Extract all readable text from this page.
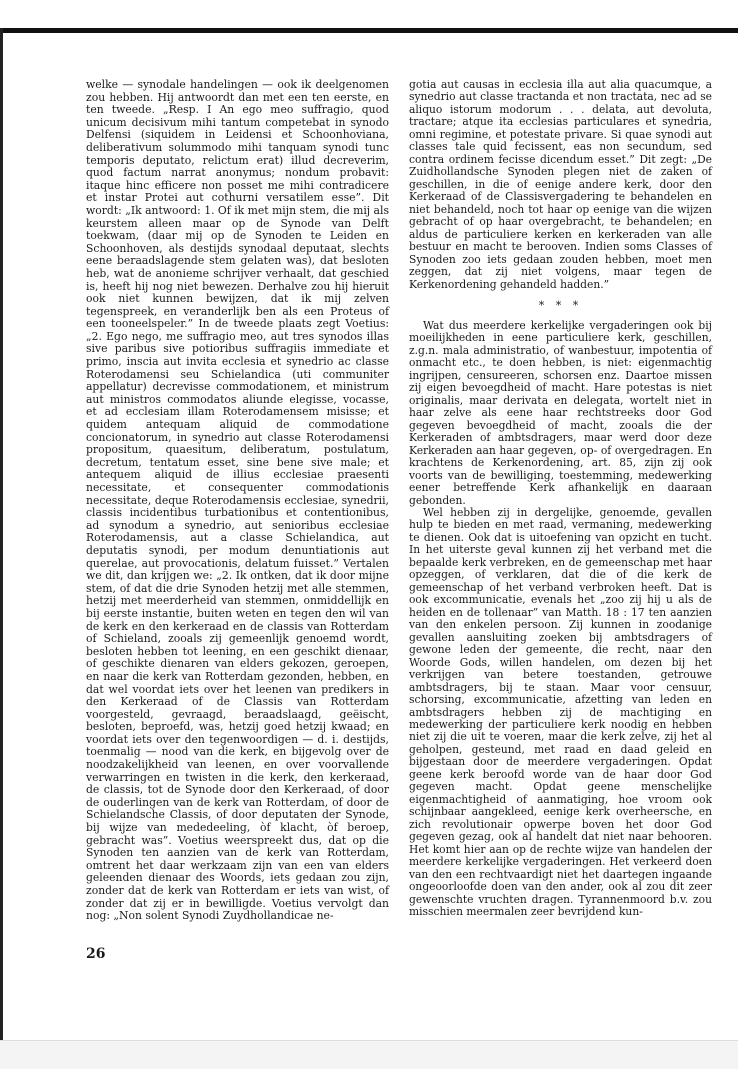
welke — synodale handelingen — ook ik deelgenomen zou hebben. Hij antwoordt dan met een ten eerste, en ten tweede. „Resp. I An ego meo suffragio, quod unicum decisivum mihi tantum competebat in synodo Delfensi (siquidem in Leidensi et Schoonhoviana, deliberativum solummodo mihi tanquam synodi tunc temporis deputato, relictum erat) illud decreverim, quod factum narrat anonymus; nondum probavit: itaque hinc efficere non posset me mihi contradicere et instar Protei aut cothurni versatilem esse”. Dit wordt: „Ik antwoord: 1. Of ik met mijn stem, die mij als keurstem alleen maar op de Synode van Delft toekwam, (daar mij op de Synoden te Leiden en Schoonhoven, als destijds synodaal deputaat, slechts eene beraadslagende stem gelaten was), dat besloten heb, wat de anonieme schrijver verhaalt, dat geschied is, heeft hij nog niet bewezen. Derhalve zou hij hieruit ook niet kunnen bewijzen, dat ik mij zelven tegenspreek, en veranderlijk ben als een Proteus of een tooneelspeler.” In de tweede plaats zegt Voetius: „2. Ego nego, me suffragio meo, aut tres synodos illas sive paribus sive potioribus suffragiis immediate et primo, inscia aut invita ecclesia et synedrio ac classe Roterodamensi seu Schielandica (uti communiter appellatur) decrevisse commodationem, et ministrum aut ministros commodatos aliunde elegisse, vocasse, et ad ecclesiam illam Roterodamensem misisse; et quidem antequam aliquid de commodatione concionatorum, in synedrio aut classe Roterodamensi propositum, quaesitum, deliberatum, postulatum, decretum, tentatum esset, sine bene sive male; et antequem aliquid de illius ecclesiae praesenti necessitate, et consequenter commodationis necessitate, deque Roterodamensis ecclesiae, synedrii, classis incidentibus turbationibus et contentionibus, ad synodum a synedrio, aut senioribus ecclesiae Roterodamensis, aut a classe Schielandica, aut deputatis synodi, per modum denuntiationis aut querelae, aut provocationis, delatum fuisset.” Vertalen we dit, dan krijgen we: „2. Ik ontken, dat ik door mijne stem, of dat die drie Synoden hetzij met alle stemmen, hetzij met meerderheid van stemmen, onmiddellijk en bij eerste instantie, buiten weten en tegen den wil van de kerk en den kerkeraad en de classis van Rotterdam of Schieland, zooals zij gemeenlijk genoemd wordt, besloten hebben tot leening, en een geschikt dienaar, of geschikte dienaren van elders gekozen, geroepen, en naar die kerk van Rotterdam gezonden, hebben, en dat wel voordat iets over het leenen van predikers in den Kerkeraad of de Classis van Rotterdam voorgesteld, gevraagd, beraadslaagd, geëischt, besloten, beproefd, was, hetzij goed hetzij kwaad; en voordat iets over den tegenwoordigen — d. i. destijds, toenmalig — nood van die kerk, en bijgevolg over de noodzakelijkheid van leenen, en over voorvallende verwarringen en twisten in die kerk, den kerkeraad, de classis, tot de Synode door den Kerkeraad, of door de ouderlingen van de kerk van Rotterdam, of door de Schielandsche Classis, of door deputaten der Synode, bij wijze van mededeeling, òf klacht, òf beroep, gebracht was”. Voetius weerspreekt dus, dat op die Synoden ten aanzien van de kerk van Rotterdam, omtrent het daar werkzaam zijn van een van elders geleenden dienaar des Woords, iets gedaan zou zijn, zonder dat de kerk van Rotterdam er iets van wist, of zonder dat zij er in bewilligde. Voetius vervolgt dan nog: „Non solent Synodi Zuydhollandicae ne-

gotia aut causas in ecclesia illa aut alia quacumque, a synedrio aut classe tractanda et non tractata, nec ad se aliquo istorum modorum . . . delata, aut devoluta, tractare; atque ita ecclesias particulares et synedria, omni regimine, et potestate privare. Si quae synodi aut classes tale quid fecissent, eas non secundum, sed contra ordinem fecisse dicendum esset.” Dit zegt: „De Zuidhollandsche Synoden plegen niet de zaken of geschillen, in die of eenige andere kerk, door den Kerkeraad of de Classisvergadering te behandelen en niet behandeld, noch tot haar op eenige van die wijzen gebracht of op haar overgebracht, te behandelen; en aldus de particuliere kerken en kerkeraden van alle bestuur en macht te berooven. Indien soms Classes of Synoden zoo iets gedaan zouden hebben, moet men zeggen, dat zij niet volgens, maar tegen de Kerkenordening gehandeld hadden.”

* * *

Wat dus meerdere kerkelijke vergaderingen ook bij moeilijkheden in eene particuliere kerk, geschillen, z.g.n. mala administratio, of wanbestuur, impotentia of onmacht etc., te doen hebben, is niet: eigenmachtig ingrijpen, censureeren, schorsen enz. Daartoe missen zij eigen bevoegdheid of macht. Hare potestas is niet originalis, maar derivata en delegata, wortelt niet in haar zelve als eene haar rechtstreeks door God gegeven bevoegdheid of macht, zooals die der Kerkeraden of ambtsdragers, maar werd door deze Kerkeraden aan haar gegeven, op- of overgedragen. En krachtens de Kerkenordening, art. 85, zijn zij ook voorts van de bewilliging, toestemming, medewerking eener betreffende Kerk afhankelijk en daaraan gebonden.

Wel hebben zij in dergelijke, genoemde, gevallen hulp te bieden en met raad, vermaning, medewerking te dienen. Ook dat is uitoefening van opzicht en tucht. In het uiterste geval kunnen zij het verband met die bepaalde kerk verbreken, en de gemeenschap met haar opzeggen, of verklaren, dat die of die kerk de gemeenschap of het verband verbroken heeft. Dat is ook excommunicatie, evenals het „zoo zij hij u als de heiden en de tollenaar” van Matth. 18 : 17 ten aanzien van den enkelen persoon. Zij kunnen in zoodanige gevallen aansluiting zoeken bij ambtsdragers of gewone leden der gemeente, die recht, naar den Woorde Gods, willen handelen, om dezen bij het verkrijgen van betere toestanden, getrouwe ambtsdragers, bij te staan. Maar voor censuur, schorsing, excommunicatie, afzetting van leden en ambtsdragers hebben zij de machtiging en medewerking der particuliere kerk noodig en hebben niet zij die uit te voeren, maar die kerk zelve, zij het al geholpen, gesteund, met raad en daad geleid en bijgestaan door de meerdere vergaderingen. Opdat geene kerk beroofd worde van de haar door God gegeven macht. Opdat geene menschelijke eigenmachtigheid of aanmatiging, hoe vroom ook schijnbaar aangekleed, eenige kerk overheersche, en zich revolutionair opwerpe boven het door God gegeven gezag, ook al handelt dat niet naar behooren. Het komt hier aan op de rechte wijze van handelen der meerdere kerkelijke vergaderingen. Het verkeerd doen van den een rechtvaardigt niet het daartegen ingaande ongeoorloofde doen van den ander, ook al zou dit zeer gewenschte vruchten dragen. Tyrannenmoord b.v. zou misschien meermalen zeer bevrijdend kun-

26
